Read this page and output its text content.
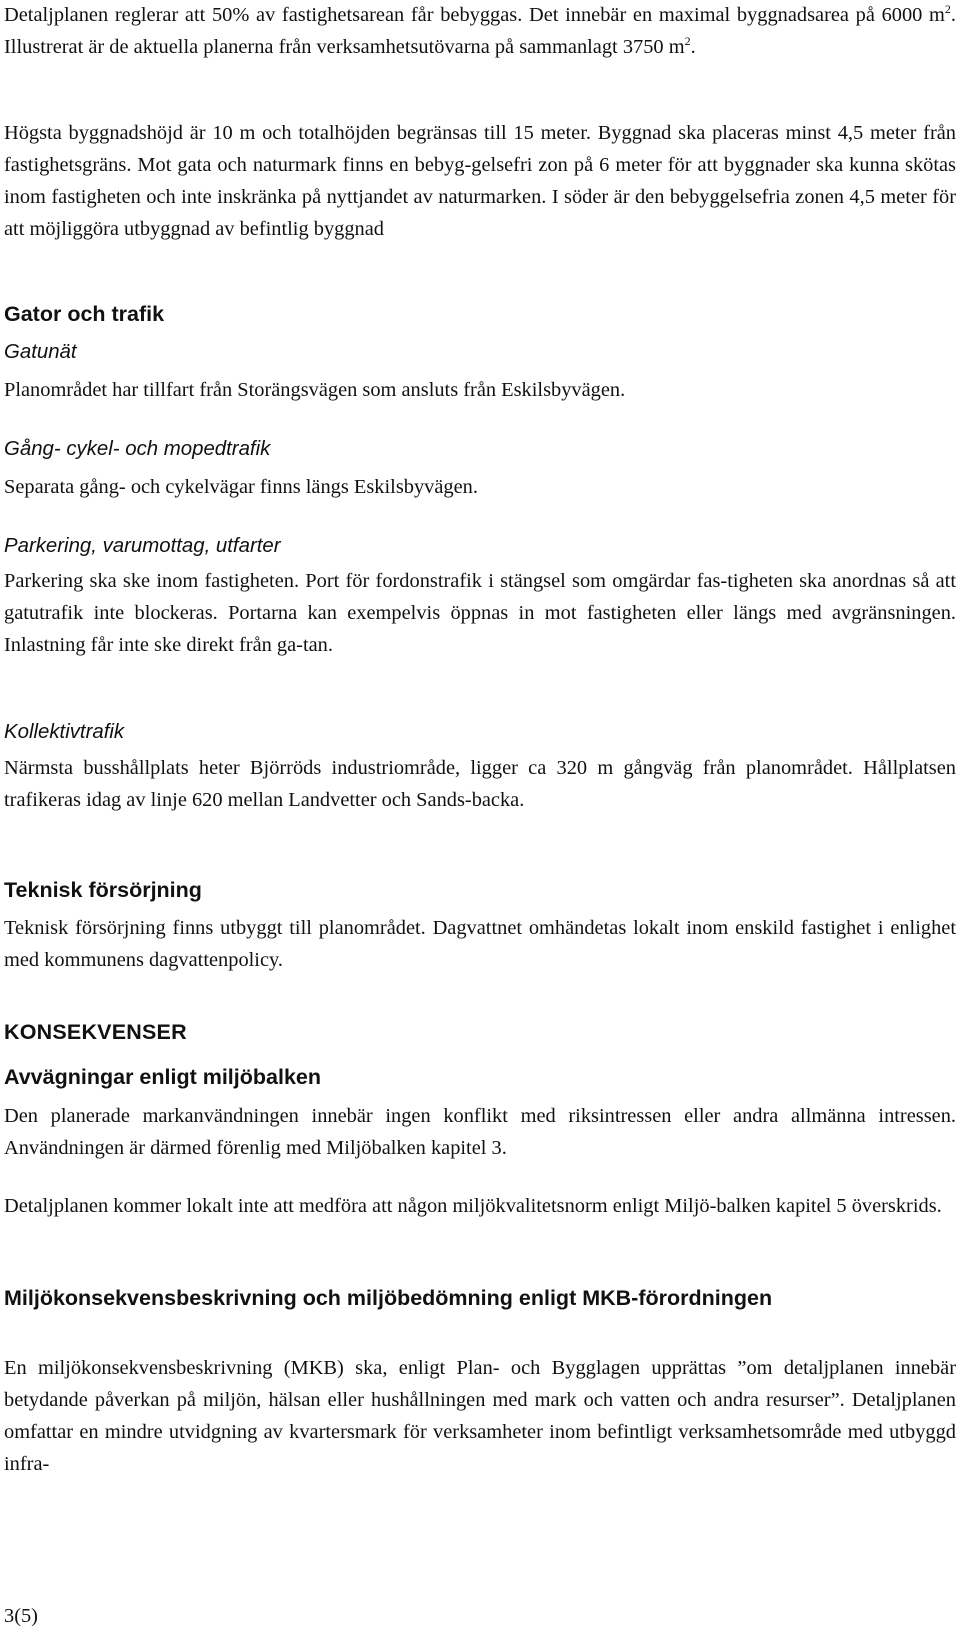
Detaljplanen reglerar att 50% av fastighetsarean får bebyggas. Det innebär en maximal byggnadsarea på 6000 $m^2$. Illustrerat är de aktuella planerna från verksamhetsutövarna på sammanlagt 3750 $m^2$.

Högsta byggnadshöjd är 10 m och totalhöjden begränsas till 15 meter. Byggnad ska placeras minst 4,5 meter från fastighetsgräns. Mot gata och naturmark finns en bebyg-gelsefri zon på 6 meter för att byggnader ska kunna skötas inom fastigheten och inte inskränka på nyttjandet av naturmarken. I söder är den bebyggelsefria zonen 4,5 meter för att möjliggöra utbyggnad av befintlig byggnad

Gator och trafik
Gatunät

Planområdet har tillfart från Storängsvägen som ansluts från Eskilsbyvägen.

Gång- cykel- och mopedtrafik

Separata gång- och cykelvägar finns längs Eskilsbyvägen.

Parkering, varumottag, utfarter

Parkering ska ske inom fastigheten. Port för fordonstrafik i stängsel som omgärdar fas-tigheten ska anordnas så att gatutrafik inte blockeras. Portarna kan exempelvis öppnas in mot fastigheten eller längs med avgränsningen. Inlastning får inte ske direkt från ga-tan.

Kollektivtrafik

Närmsta busshållplats heter Björröds industriområde, ligger ca 320 m gångväg från planområdet. Hållplatsen trafikeras idag av linje 620 mellan Landvetter och Sands-backa.

Teknisk försörjning

Teknisk försörjning finns utbyggt till planområdet. Dagvattnet omhändetas lokalt inom enskild fastighet i enlighet med kommunens dagvattenpolicy.

KONSEKVENSER
Avvägningar enligt miljöbalken

Den planerade markanvändningen innebär ingen konflikt med riksintressen eller andra allmänna intressen. Användningen är därmed förenlig med Miljöbalken kapitel 3.

Detaljplanen kommer lokalt inte att medföra att någon miljökvalitetsnorm enligt Miljö-balken kapitel 5 överskrids.

Miljökonsekvensbeskrivning och miljöbedömning enligt MKB-förordningen

En miljökonsekvensbeskrivning (MKB) ska, enligt Plan- och Bygglagen upprättas ”om detaljplanen innebär betydande påverkan på miljön, hälsan eller hushållningen med mark och vatten och andra resurser”. Detaljplanen omfattar en mindre utvidgning av kvartersmark för verksamheter inom befintligt verksamhetsområde med utbyggd infra-

3(5)
